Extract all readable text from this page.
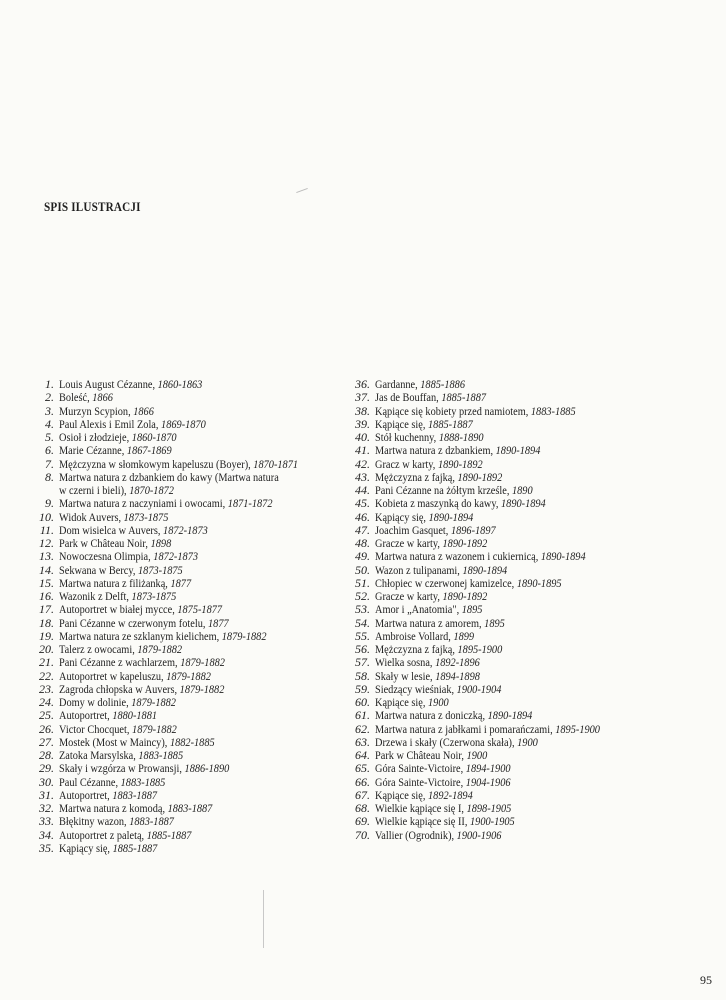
SPIS ILUSTRACJI
1. Louis August Cézanne, 1860-1863
2. Boleść, 1866
3. Murzyn Scypion, 1866
4. Paul Alexis i Emil Zola, 1869-1870
5. Osioł i złodzieje, 1860-1870
6. Marie Cézanne, 1867-1869
7. Mężczyzna w słomkowym kapeluszu (Boyer), 1870-1871
8. Martwa natura z dzbankiem do kawy (Martwa natura
w czerni i bieli), 1870-1872
9. Martwa natura z naczyniami i owocami, 1871-1872
10. Widok Auvers, 1873-1875
11. Dom wisielca w Auvers, 1872-1873
12. Park w Château Noir, 1898
13. Nowoczesna Olimpia, 1872-1873
14. Sekwana w Bercy, 1873-1875
15. Martwa natura z filiżanką, 1877
16. Wazonik z Delft, 1873-1875
17. Autoportret w białej mycce, 1875-1877
18. Pani Cézanne w czerwonym fotelu, 1877
19. Martwa natura ze szklanym kielichem, 1879-1882
20. Talerz z owocami, 1879-1882
21. Pani Cézanne z wachlarzem, 1879-1882
22. Autoportret w kapeluszu, 1879-1882
23. Zagroda chłopska w Auvers, 1879-1882
24. Domy w dolinie, 1879-1882
25. Autoportret, 1880-1881
26. Victor Chocquet, 1879-1882
27. Mostek (Most w Maincy), 1882-1885
28. Zatoka Marsylska, 1883-1885
29. Skały i wzgórza w Prowansji, 1886-1890
30. Paul Cézanne, 1883-1885
31. Autoportret, 1883-1887
32. Martwa natura z komodą, 1883-1887
33. Błękitny wazon, 1883-1887
34. Autoportret z paletą, 1885-1887
35. Kąpiący się, 1885-1887
36. Gardanne, 1885-1886
37. Jas de Bouffan, 1885-1887
38. Kąpiące się kobiety przed namiotem, 1883-1885
39. Kąpiące się, 1885-1887
40. Stół kuchenny, 1888-1890
41. Martwa natura z dzbankiem, 1890-1894
42. Gracz w karty, 1890-1892
43. Mężczyzna z fajką, 1890-1892
44. Pani Cézanne na żółtym krześle, 1890
45. Kobieta z maszynką do kawy, 1890-1894
46. Kąpiący się, 1890-1894
47. Joachim Gasquet, 1896-1897
48. Gracze w karty, 1890-1892
49. Martwa natura z wazonem i cukiernicą, 1890-1894
50. Wazon z tulipanami, 1890-1894
51. Chłopiec w czerwonej kamizelce, 1890-1895
52. Gracze w karty, 1890-1892
53. Amor i „Anatomia", 1895
54. Martwa natura z amorem, 1895
55. Ambroise Vollard, 1899
56. Mężczyzna z fajką, 1895-1900
57. Wielka sosna, 1892-1896
58. Skały w lesie, 1894-1898
59. Siedzący wieśniak, 1900-1904
60. Kąpiące się, 1900
61. Martwa natura z doniczką, 1890-1894
62. Martwa natura z jabłkami i pomarańczami, 1895-1900
63. Drzewa i skały (Czerwona skała), 1900
64. Park w Château Noir, 1900
65. Góra Sainte-Victoire, 1894-1900
66. Góra Sainte-Victoire, 1904-1906
67. Kąpiące się, 1892-1894
68. Wielkie kąpiące się I, 1898-1905
69. Wielkie kąpiące się II, 1900-1905
70. Vallier (Ogrodnik), 1900-1906
95
